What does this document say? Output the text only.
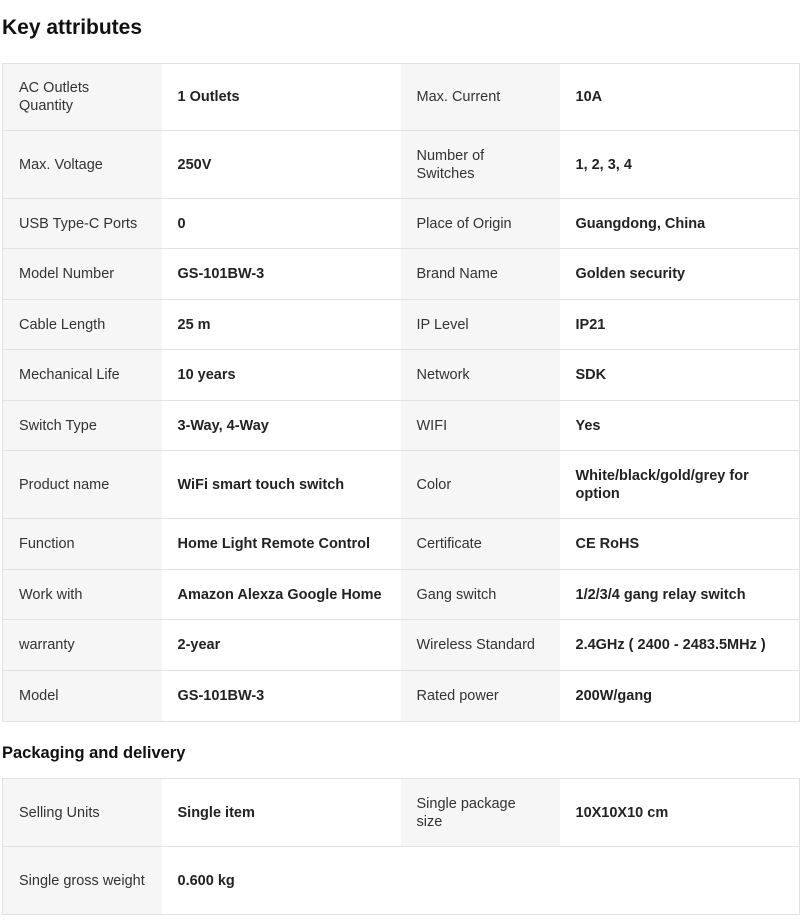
Key attributes
AC Outlets Quantity	1 Outlets	Max. Current	10A
Max. Voltage	250V	Number of Switches	1, 2, 3, 4
USB Type-C Ports	0	Place of Origin	Guangdong, China
Model Number	GS-101BW-3	Brand Name	Golden security
Cable Length	25 m	IP Level	IP21
Mechanical Life	10 years	Network	SDK
Switch Type	3-Way, 4-Way	WIFI	Yes
Product name	WiFi smart touch switch	Color	White/black/gold/grey for option
Function	Home Light Remote Control	Certificate	CE RoHS
Work with	Amazon Alexza Google Home	Gang switch	1/2/3/4 gang relay switch
warranty	2-year	Wireless Standard	2.4GHz ( 2400 - 2483.5MHz )
Model	GS-101BW-3	Rated power	200W/gang
Packaging and delivery
Selling Units	Single item	Single package size	10X10X10 cm
Single gross weight	0.600 kg		
